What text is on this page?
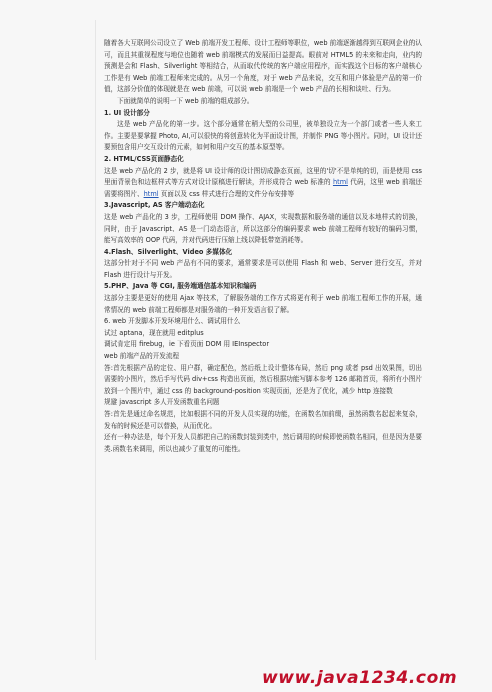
随着各大互联网公司设立了 Web 前端开发工程师、设计工程师等职位，web 前端逐渐越得到互联网企业的认可，而且其重视程度与地位也随着 web 前端模式的发展而日益提高。眼前对 HTML5 的未来和走向，业内的预测是会和 Flash、Silverlight 等相结合，从而取代传统的客户端应用程序，而实践这个目标的客户端核心工作是有 Web 前端工程师来完成的。从另一个角度，对于 web 产品来说，交互和用户体验是产品的第一价值，这部分价值的体现就是在 web 前端，可以说 web 前端是一个 web 产品的长相和谈吐、行为。

下面就简单的说明一下 web 前端的组成部分。

1. UI 设计部分

这是 web 产品化的第一步。这个部分通常在稍大型的公司里，被单独设立为一个部门或者一些人来工作。主要是要掌握 Photo, AI,可以很快的将创意转化为平面设计图，并制作 PNG 等小图片。同时，UI 设计还要预包含用户交互设计的元素，如何和用户交互的基本原型等。

2. HTML/CSS页面静态化

这是 web 产品化的 2 步，就是将 UI 设计师的设计图切成静态页面，这里的'切'不是单纯的切，而是使用 css 里面背景色和边框样式等方式对设计原稿进行解读，并形成符合 web 标准的 html 代码，这里 web 前端还需要将图片、html 页面以及 css 样式进行合理的文件分布安排等

3.Javascript, AS 客户端动态化

这是 web 产品化的 3 步，工程师使用 DOM 操作、AJAX，实现数据和服务端的通信以及本地样式的切换，同时，由于 Javascript、AS 是一门动态语言，所以这部分的编码要求 web 前端工程师有较好的编码习惯，能写高效率的 OOP 代码，并对代码进行压缩上线以降低带宽消耗等。

4.Flash、Silverlight、Video 多媒体化

这部分针对于不同 web 产品有不同的要求，通常要求是可以使用 Flash 和 web、Server 进行交互，并对 Flash 进行设计与开发。

5.PHP、Java 等 CGI, 服务端通信基本知识和编码

这部分主要是更好的使用 Ajax 等技术，了解服务端的工作方式将更有利于 web 前端工程师工作的开展，通常情况的 web 前端工程师都是对服务端的一种开发语言很了解。

6. web 开发脚本开发环境用什么、调试用什么

试过 aptana，现在就用 editplus

调试肯定用 firebug，ie 下看页面 DOM 用 IEInspector

web 前端产品的开发流程

答:首先根据产品的定位、用户群，确定配色，然后纸上设计整体布局，然后 png 或者 psd 出效果图，切出需要的小图片，然后手写代码 div+css 构造出页面，然后根据功能写脚本参考 126 邮箱首页，将所有小图片放到一个图片中，通过 css 的 background-position 实现页面，还是为了优化，减少 http 连接数

规避 javascript 多人开发函数重名问题

答:首先是通过命名规范，比如根据不同的开发人员实现的功能，在函数名加前缀，虽然函数名起起来复杂，发布的时候还是可以替换，从而优化。

还有一种办法是，每个开发人员都把自己的函数封装到类中，然后调用的时候即使函数名相同，但是因为是要类.函数名来调用，所以也减少了重复的可能性。

www.java1234.com
